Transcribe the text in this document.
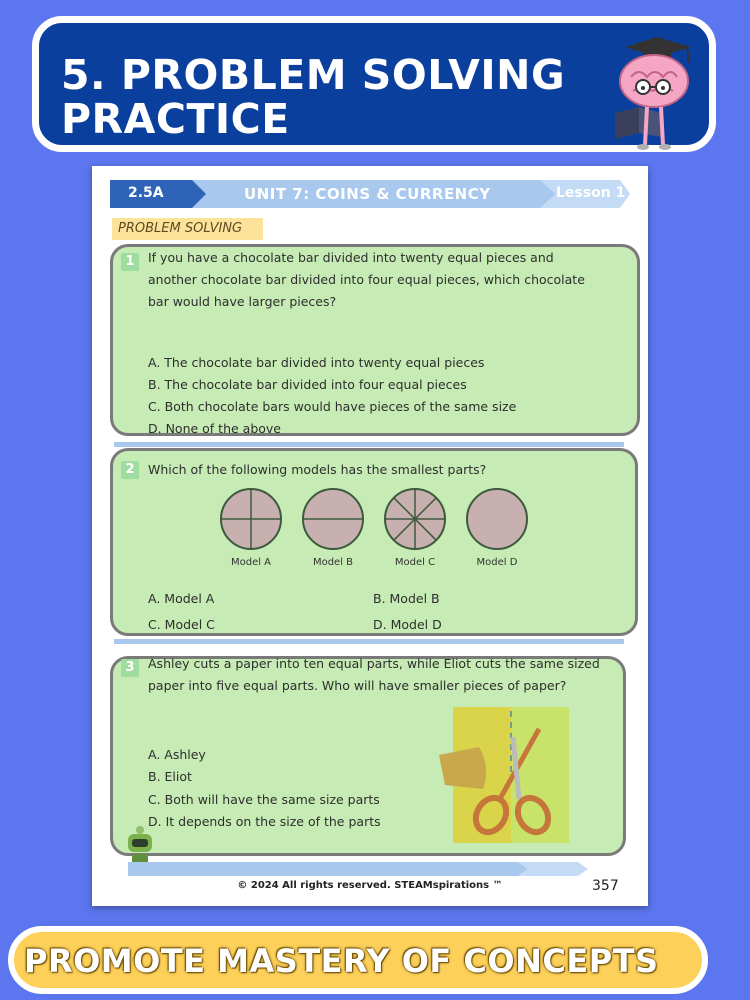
5. PROBLEM SOLVING
PRACTICE
2.5A	UNIT 7: COINS & CURRENCY	Lesson 1
PROBLEM SOLVING
1	If you have a chocolate bar divided into twenty equal pieces and
another chocolate bar divided into four equal pieces, which chocolate
bar would have larger pieces?
A. The chocolate bar divided into twenty equal pieces
B. The chocolate bar divided into four equal pieces
C. Both chocolate bars would have pieces of the same size
D. None of the above
2	Which of the following models has the smallest parts?
Model A	Model B	Model C	Model D
A. Model A	B. Model B
C. Model C	D. Model D
3	Ashley cuts a paper into ten equal parts, while Eliot cuts the same sized
paper into five equal parts. Who will have smaller pieces of paper?
A. Ashley
B. Eliot
C. Both will have the same size parts
D. It depends on the size of the parts
© 2024 All rights reserved. STEAMspirations ™	357
PROMOTE MASTERY OF CONCEPTS
